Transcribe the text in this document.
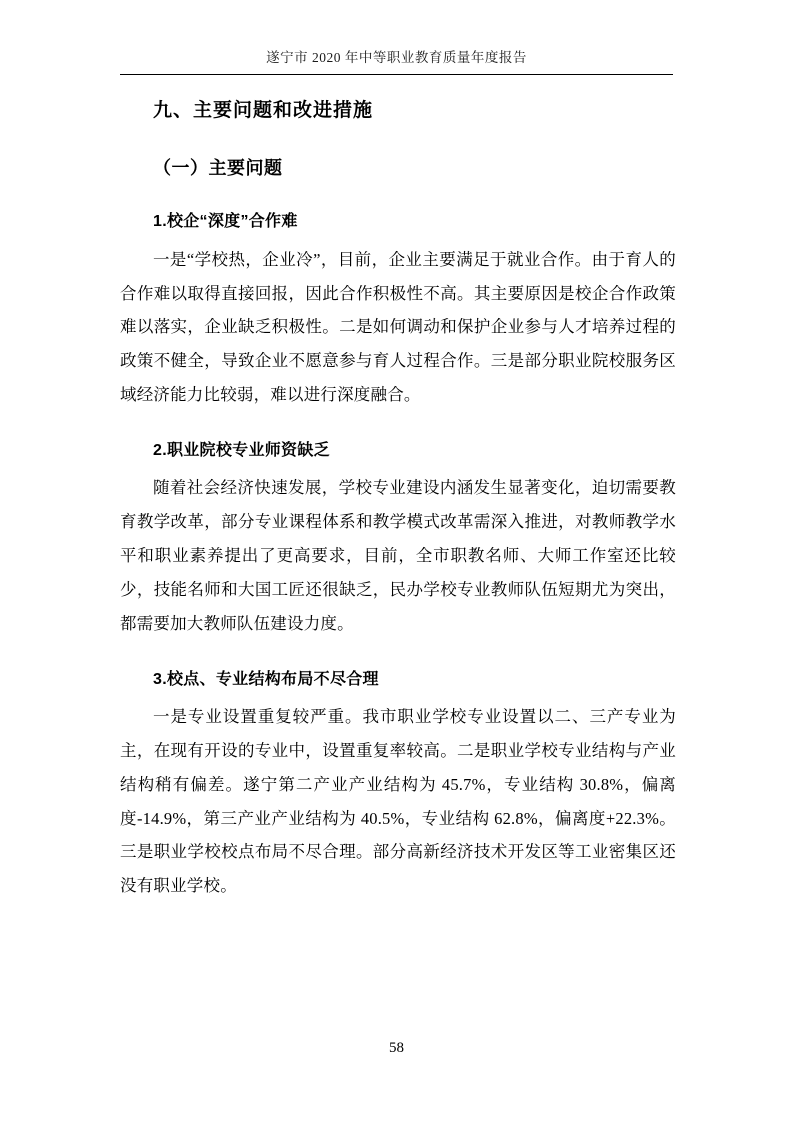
遂宁市 2020 年中等职业教育质量年度报告
九、主要问题和改进措施
（一）主要问题
1.校企“深度”合作难

一是“学校热，企业冷”，目前，企业主要满足于就业合作。由于育人的合作难以取得直接回报，因此合作积极性不高。其主要原因是校企合作政策难以落实，企业缺乏积极性。二是如何调动和保护企业参与人才培养过程的政策不健全，导致企业不愿意参与育人过程合作。三是部分职业院校服务区域经济能力比较弱，难以进行深度融合。

2.职业院校专业师资缺乏

随着社会经济快速发展，学校专业建设内涵发生显著变化，迫切需要教育教学改革，部分专业课程体系和教学模式改革需深入推进，对教师教学水平和职业素养提出了更高要求，目前，全市职教名师、大师工作室还比较少，技能名师和大国工匠还很缺乏，民办学校专业教师队伍短期尤为突出，都需要加大教师队伍建设力度。

3.校点、专业结构布局不尽合理

一是专业设置重复较严重。我市职业学校专业设置以二、三产专业为主，在现有开设的专业中，设置重复率较高。二是职业学校专业结构与产业结构稍有偏差。遂宁第二产业产业结构为 45.7%，专业结构 30.8%，偏离度-14.9%，第三产业产业结构为 40.5%，专业结构 62.8%，偏离度+22.3%。三是职业学校校点布局不尽合理。部分高新经济技术开发区等工业密集区还没有职业学校。

58
